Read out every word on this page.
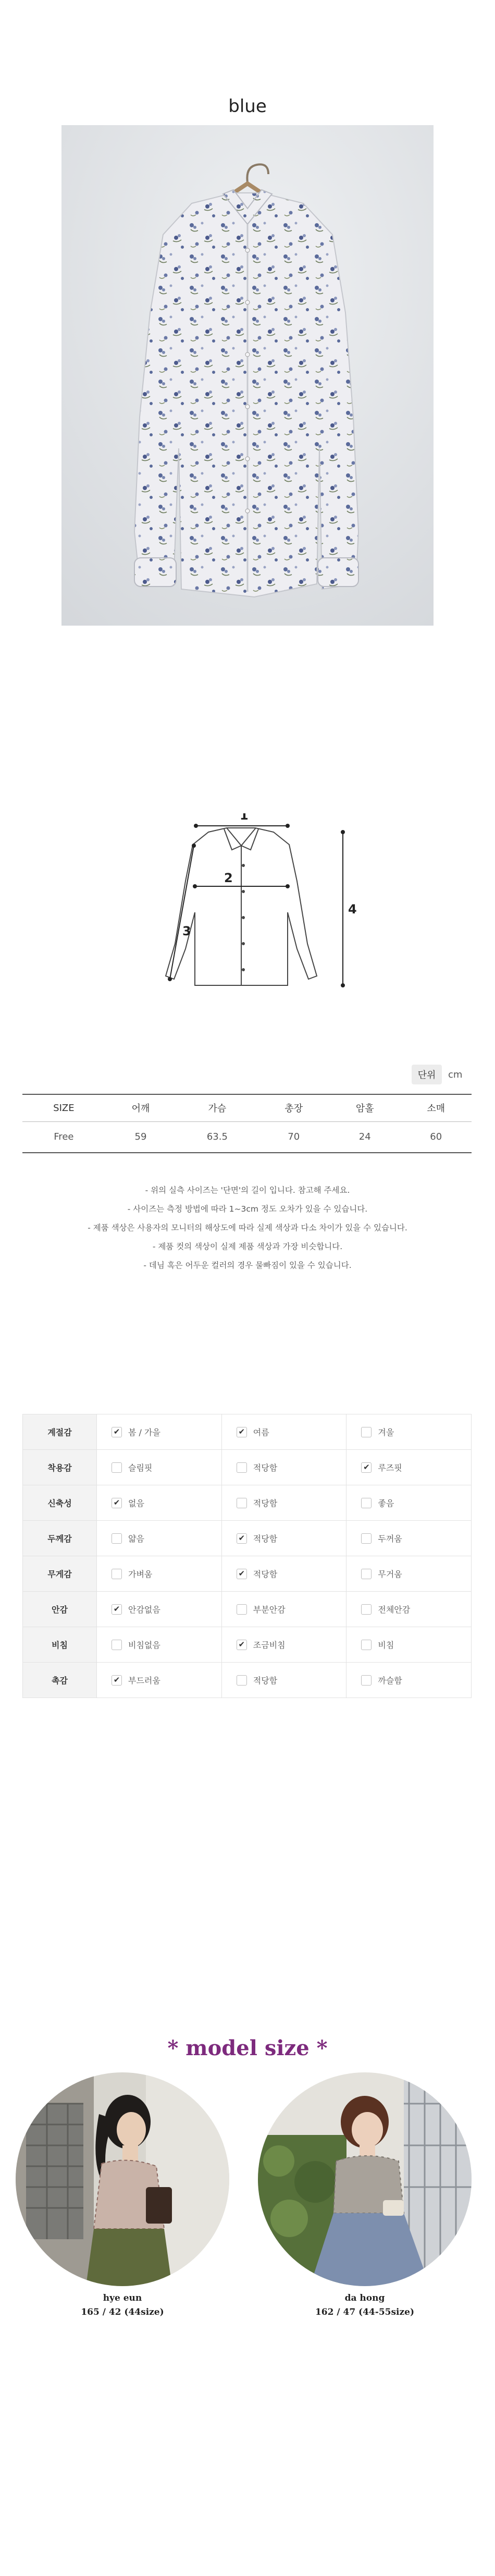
blue
1
2
3
4
단위	cm
SIZE	어깨	가슴	총장	암홀	소매
Free	59	63.5	70	24	60

- 위의 실측 사이즈는 '단면'의 길이 입니다. 참고해 주세요.

- 사이즈는 측정 방법에 따라 1~3cm 정도 오차가 있을 수 있습니다.

- 제품 색상은 사용자의 모니터의 해상도에 따라 실제 색상과 다소 차이가 있을 수 있습니다.

- 제품 컷의 색상이 실제 제품 색상과 가장 비슷합니다.

- 데님 혹은 어두운 컬러의 경우 물빠짐이 있을 수 있습니다.

계절감	✔ 봄 / 가을	✔ 여름	겨울

착용감	슬림핏	적당함	✔ 루즈핏

신축성	✔ 없음	적당함	좋음

두께감	얇음	✔ 적당함	두꺼움

무게감	가벼움	✔ 적당함	무거움

안감	✔ 안감없음	부분안감	전체안감

비침	비침없음	✔ 조금비침	비침

촉감	✔ 부드러움	적당함	까슬함
* model size *
hye eun
165 / 42 (44size)
da hong
162 / 47 (44-55size)
